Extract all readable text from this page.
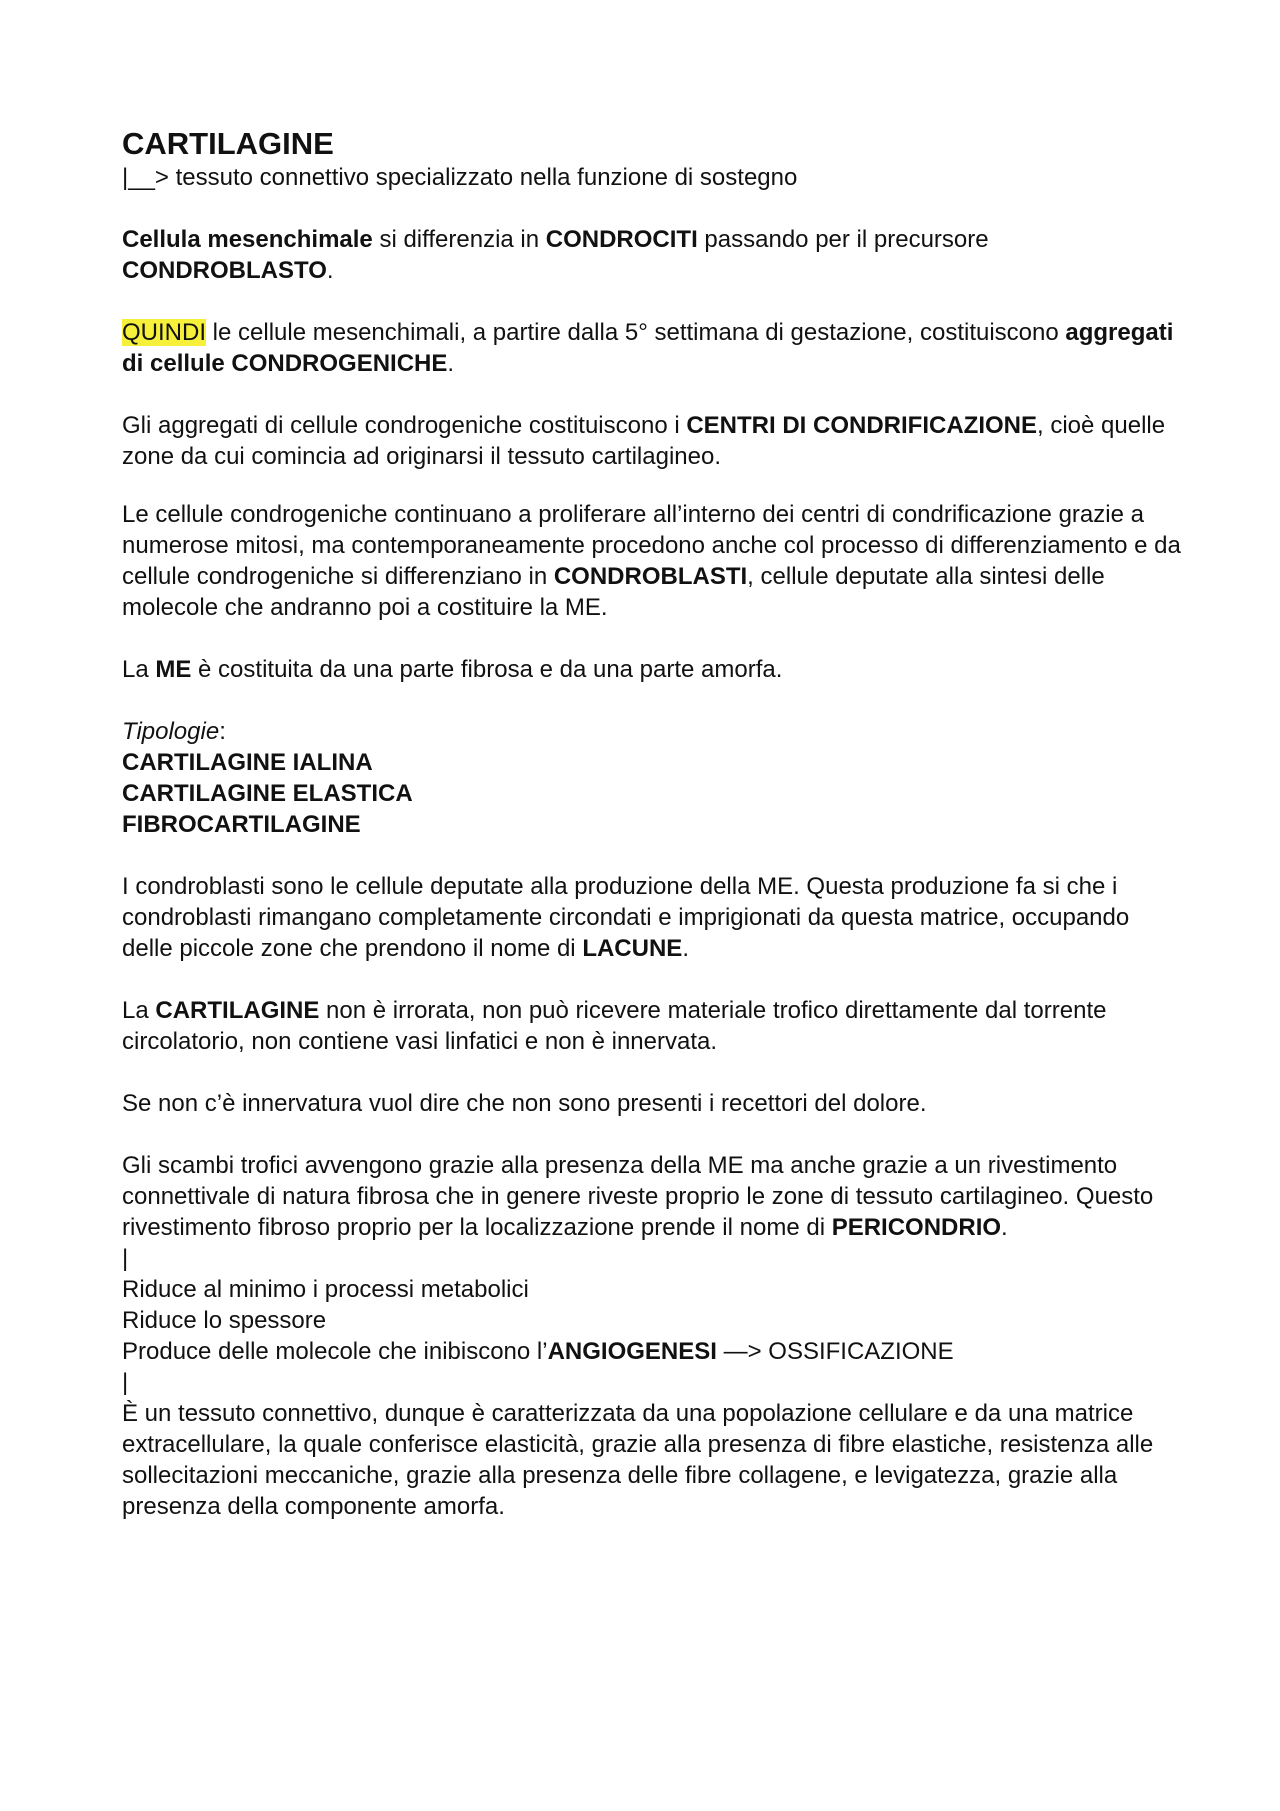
CARTILAGINE

|__> tessuto connettivo specializzato nella funzione di sostegno

Cellula mesenchimale si differenzia in CONDROCITI passando per il precursore CONDROBLASTO.

QUINDI le cellule mesenchimali, a partire dalla 5° settimana di gestazione, costituiscono aggregati di cellule CONDROGENICHE.

Gli aggregati di cellule condrogeniche costituiscono i CENTRI DI CONDRIFICAZIONE, cioè quelle zone da cui comincia ad originarsi il tessuto cartilagineo.

Le cellule condrogeniche continuano a proliferare all’interno dei centri di condrificazione grazie a numerose mitosi, ma contemporaneamente procedono anche col processo di differenziamento e da cellule condrogeniche si differenziano in CONDROBLASTI, cellule deputate alla sintesi delle molecole che andranno poi a costituire la ME.

La ME è costituita da una parte fibrosa e da una parte amorfa.

Tipologie:

CARTILAGINE IALINA

CARTILAGINE ELASTICA

FIBROCARTILAGINE

I condroblasti sono le cellule deputate alla produzione della ME. Questa produzione fa si che i condroblasti rimangano completamente circondati e imprigionati da questa matrice, occupando delle piccole zone che prendono il nome di LACUNE.

La CARTILAGINE non è irrorata, non può ricevere materiale trofico direttamente dal torrente circolatorio, non contiene vasi linfatici e non è innervata.

Se non c’è innervatura vuol dire che non sono presenti i recettori del dolore.

Gli scambi trofici avvengono grazie alla presenza della ME ma anche grazie a un rivestimento connettivale di natura fibrosa che in genere riveste proprio le zone di tessuto cartilagineo. Questo rivestimento fibroso proprio per la localizzazione prende il nome di PERICONDRIO.

|

Riduce al minimo i processi metabolici

Riduce lo spessore

Produce delle molecole che inibiscono l’ANGIOGENESI —> OSSIFICAZIONE

|

È un tessuto connettivo, dunque è caratterizzata da una popolazione cellulare e da una matrice extracellulare, la quale conferisce elasticità, grazie alla presenza di fibre elastiche, resistenza alle sollecitazioni meccaniche, grazie alla presenza delle fibre collagene, e levigatezza, grazie alla presenza della componente amorfa.
